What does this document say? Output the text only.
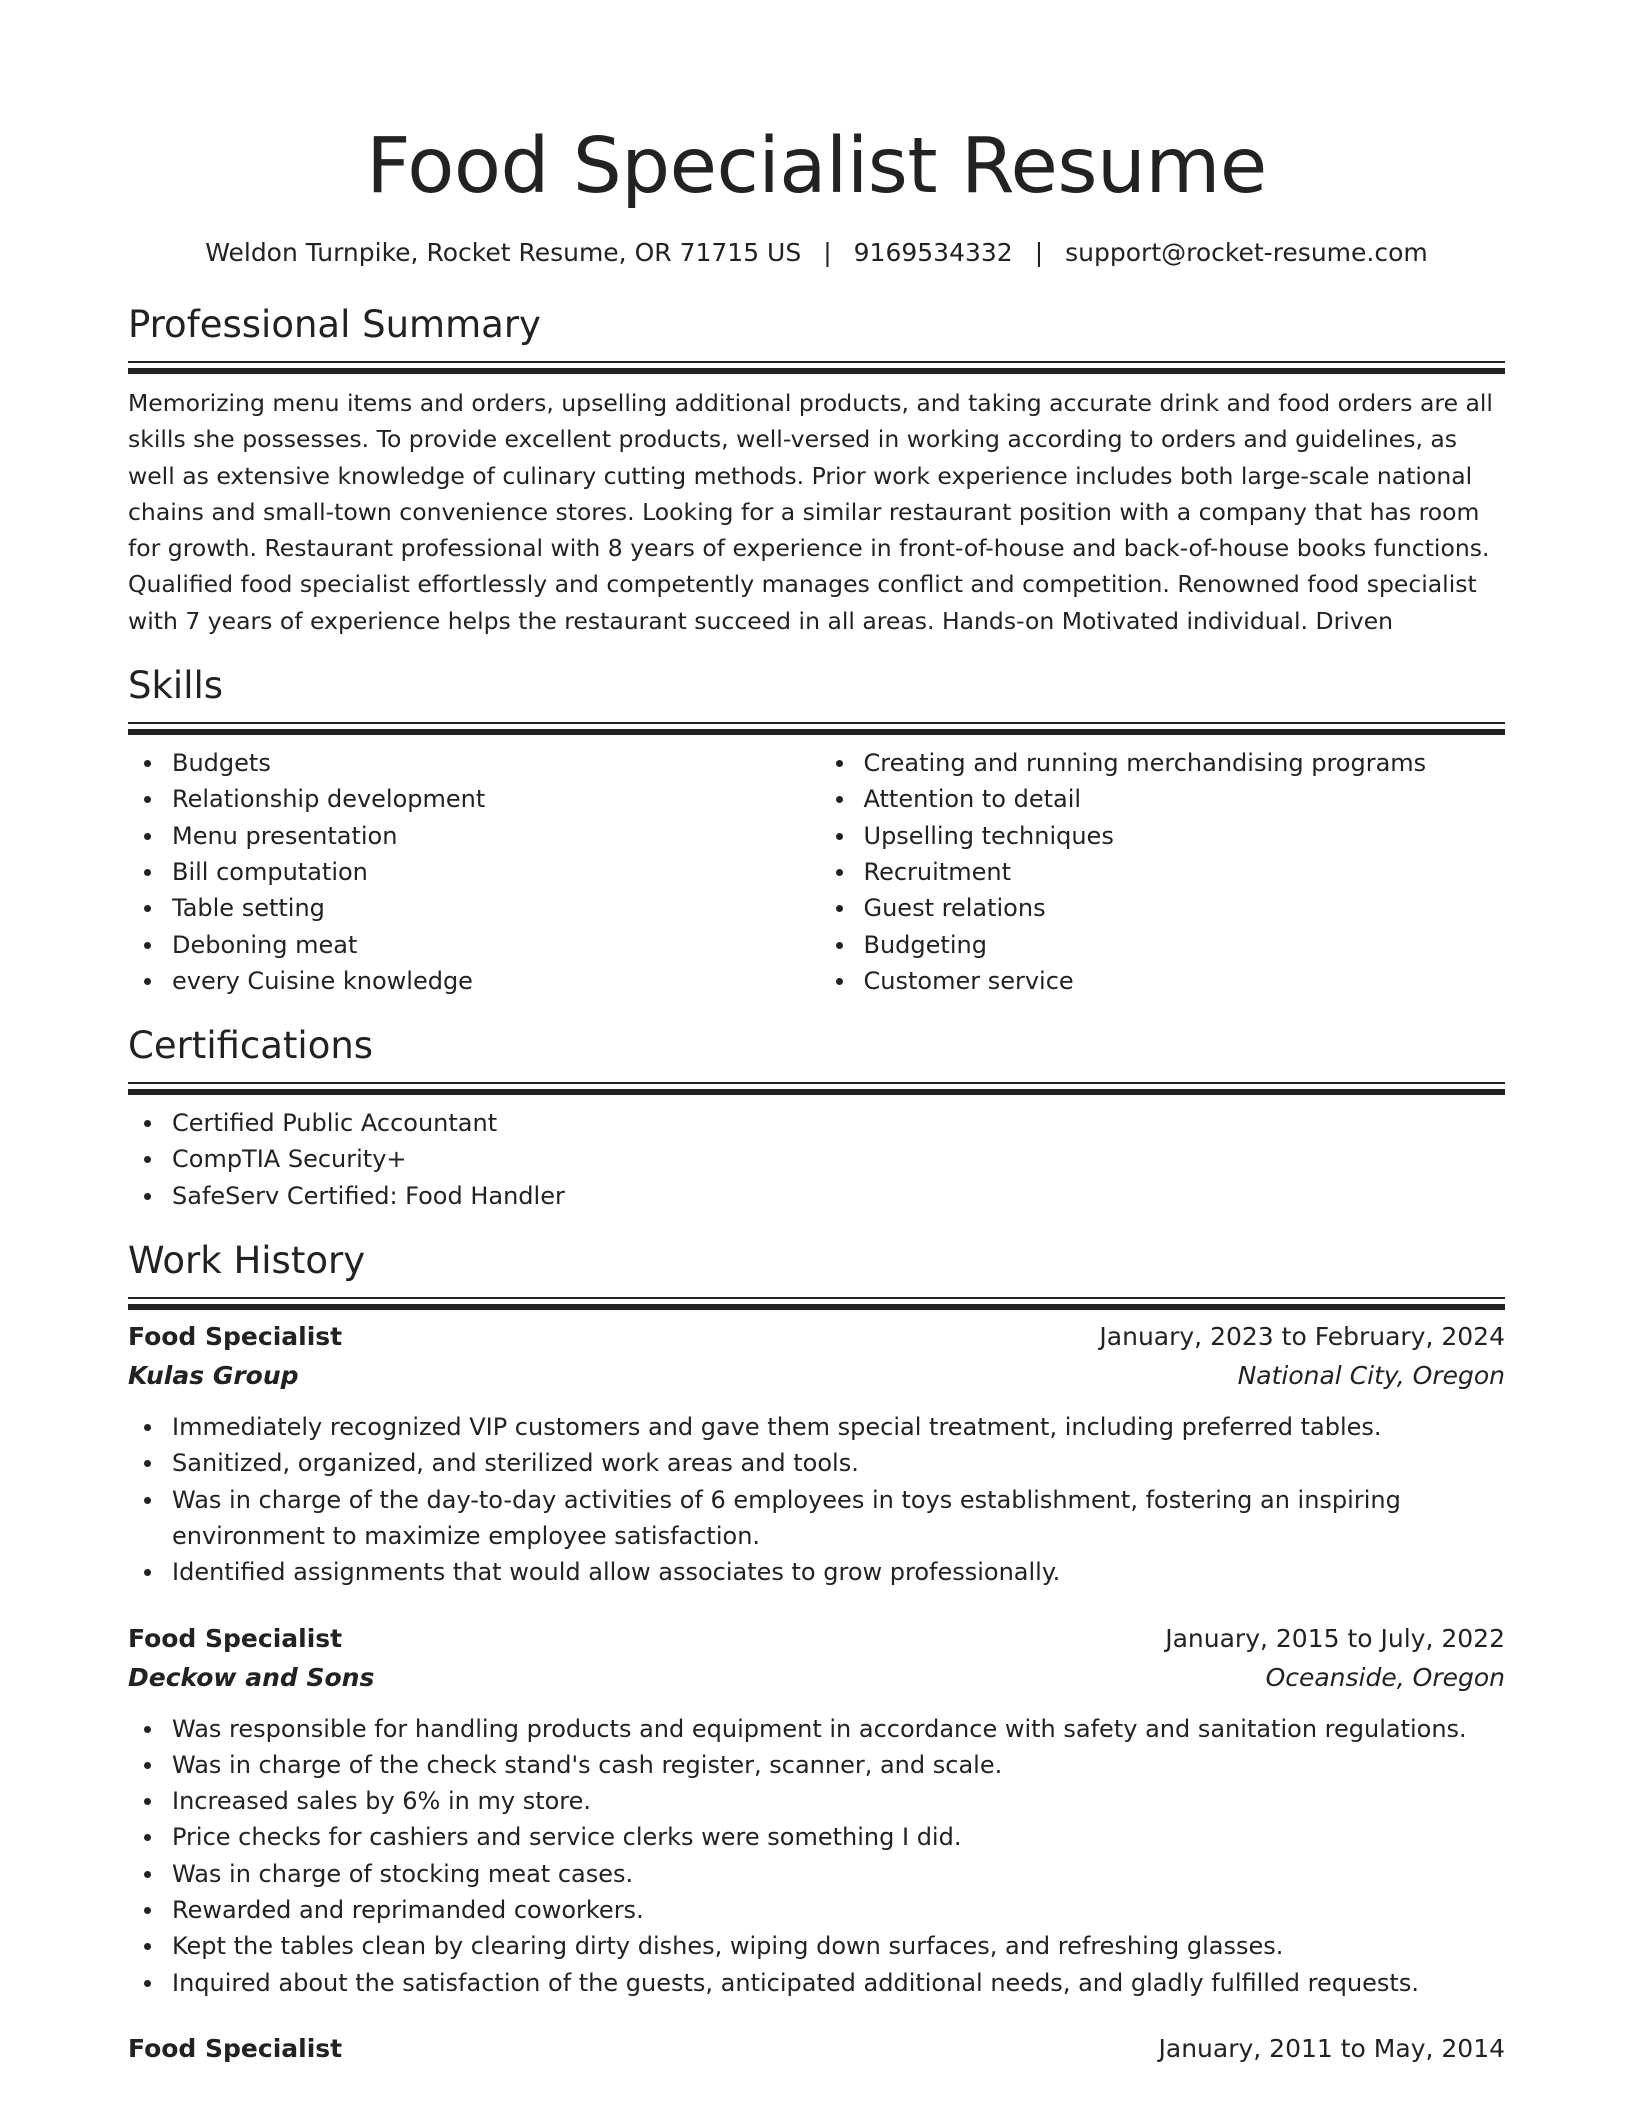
Food Specialist Resume
Weldon Turnpike, Rocket Resume, OR 71715 US | 9169534332 | support@rocket-resume.com
Professional Summary

Memorizing menu items and orders, upselling additional products, and taking accurate drink and food orders are all skills she possesses. To provide excellent products, well-versed in working according to orders and guidelines, as well as extensive knowledge of culinary cutting methods. Prior work experience includes both large-scale national chains and small-town convenience stores. Looking for a similar restaurant position with a company that has room for growth. Restaurant professional with 8 years of experience in front-of-house and back-of-house books functions. Qualified food specialist effortlessly and competently manages conflict and competition. Renowned food specialist with 7 years of experience helps the restaurant succeed in all areas. Hands-on Motivated individual. Driven

Skills
Budgets
Relationship development
Menu presentation
Bill computation
Table setting
Deboning meat
every Cuisine knowledge
Creating and running merchandising programs
Attention to detail
Upselling techniques
Recruitment
Guest relations
Budgeting
Customer service
Certifications
Certified Public Accountant
CompTIA Security+
SafeServ Certified: Food Handler
Work History
Food Specialist	January, 2023 to February, 2024
Kulas Group	National City, Oregon
Immediately recognized VIP customers and gave them special treatment, including preferred tables.
Sanitized, organized, and sterilized work areas and tools.
Was in charge of the day-to-day activities of 6 employees in toys establishment, fostering an inspiring environment to maximize employee satisfaction.
Identified assignments that would allow associates to grow professionally.
Food Specialist	January, 2015 to July, 2022
Deckow and Sons	Oceanside, Oregon
Was responsible for handling products and equipment in accordance with safety and sanitation regulations.
Was in charge of the check stand's cash register, scanner, and scale.
Increased sales by 6% in my store.
Price checks for cashiers and service clerks were something I did.
Was in charge of stocking meat cases.
Rewarded and reprimanded coworkers.
Kept the tables clean by clearing dirty dishes, wiping down surfaces, and refreshing glasses.
Inquired about the satisfaction of the guests, anticipated additional needs, and gladly fulfilled requests.
Food Specialist	January, 2011 to May, 2014
